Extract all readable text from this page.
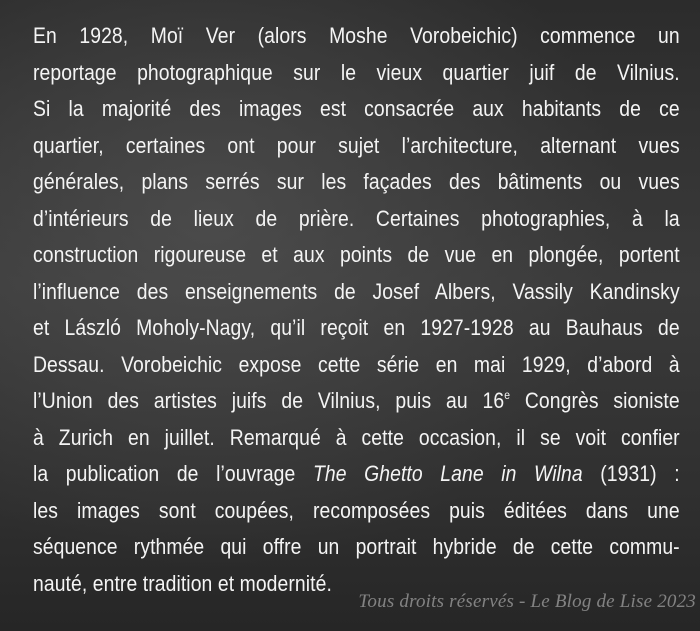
En 1928, Moï Ver (alors Moshe Vorobeichic) commence un
reportage photographique sur le vieux quartier juif de Vilnius.
Si la majorité des images est consacrée aux habitants de ce
quartier, certaines ont pour sujet l’architecture, alternant vues
générales, plans serrés sur les façades des bâtiments ou vues
d’intérieurs de lieux de prière. Certaines photographies, à la
construction rigoureuse et aux points de vue en plongée, portent
l’influence des enseignements de Josef Albers, Vassily Kandinsky
et László Moholy-Nagy, qu’il reçoit en 1927-1928 au Bauhaus de
Dessau. Vorobeichic expose cette série en mai 1929, d’abord à
l’Union des artistes juifs de Vilnius, puis au 16e Congrès sioniste
à Zurich en juillet. Remarqué à cette occasion, il se voit confier
la publication de l’ouvrage The Ghetto Lane in Wilna (1931) :
les images sont coupées, recomposées puis éditées dans une
séquence rythmée qui offre un portrait hybride de cette commu-
nauté, entre tradition et modernité.
Tous droits réservés - Le Blog de Lise 2023
